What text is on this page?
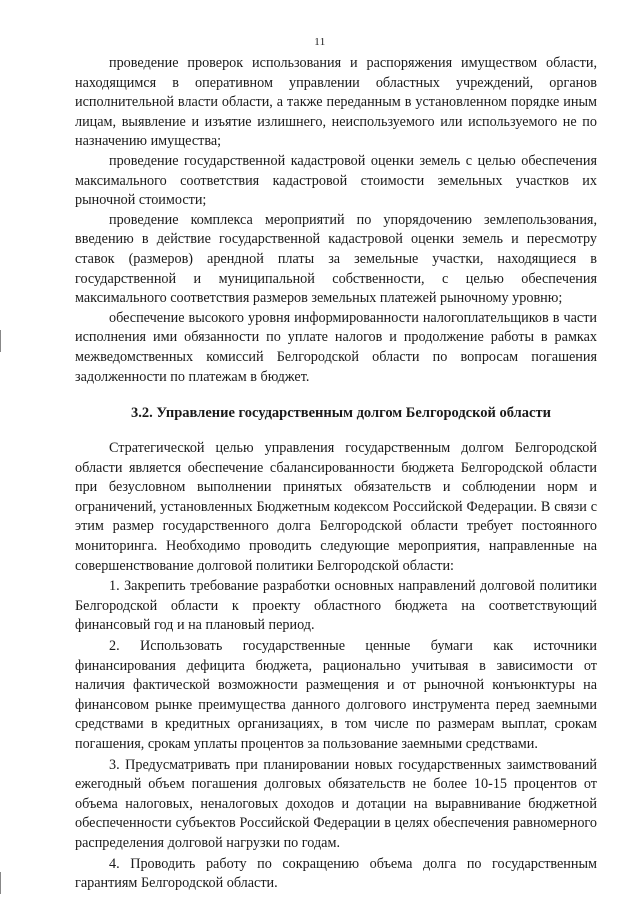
11

проведение проверок использования и распоряжения имуществом области, находящимся в оперативном управлении областных учреждений, органов исполнительной власти области, а также переданным в установленном порядке иным лицам, выявление и изъятие излишнего, неиспользуемого или используемого не по назначению имущества;

проведение государственной кадастровой оценки земель с целью обеспечения максимального соответствия кадастровой стоимости земельных участков их рыночной стоимости;

проведение комплекса мероприятий по упорядочению землепользования, введению в действие государственной кадастровой оценки земель и пересмотру ставок (размеров) арендной платы за земельные участки, находящиеся в государственной и муниципальной собственности, с целью обеспечения максимального соответствия размеров земельных платежей рыночному уровню;

обеспечение высокого уровня информированности налогоплательщиков в части исполнения ими обязанности по уплате налогов и продолжение работы в рамках межведомственных комиссий Белгородской области по вопросам погашения задолженности по платежам в бюджет.

3.2. Управление государственным долгом Белгородской области

Стратегической целью управления государственным долгом Белгородской области является обеспечение сбалансированности бюджета Белгородской области при безусловном выполнении принятых обязательств и соблюдении норм и ограничений, установленных Бюджетным кодексом Российской Федерации. В связи с этим размер государственного долга Белгородской области требует постоянного мониторинга. Необходимо проводить следующие мероприятия, направленные на совершенствование долговой политики Белгородской области:

1. Закрепить требование разработки основных направлений долговой политики Белгородской области к проекту областного бюджета на соответствующий финансовый год и на плановый период.

2. Использовать государственные ценные бумаги как источники финансирования дефицита бюджета, рационально учитывая в зависимости от наличия фактической возможности размещения и от рыночной конъюнктуры на финансовом рынке преимущества данного долгового инструмента перед заемными средствами в кредитных организациях, в том числе по размерам выплат, срокам погашения, срокам уплаты процентов за пользование заемными средствами.

3. Предусматривать при планировании новых государственных заимствований ежегодный объем погашения долговых обязательств не более 10-15 процентов от объема налоговых, неналоговых доходов и дотации на выравнивание бюджетной обеспеченности субъектов Российской Федерации в целях обеспечения равномерного распределения долговой нагрузки по годам.

4. Проводить работу по сокращению объема долга по государственным гарантиям Белгородской области.
